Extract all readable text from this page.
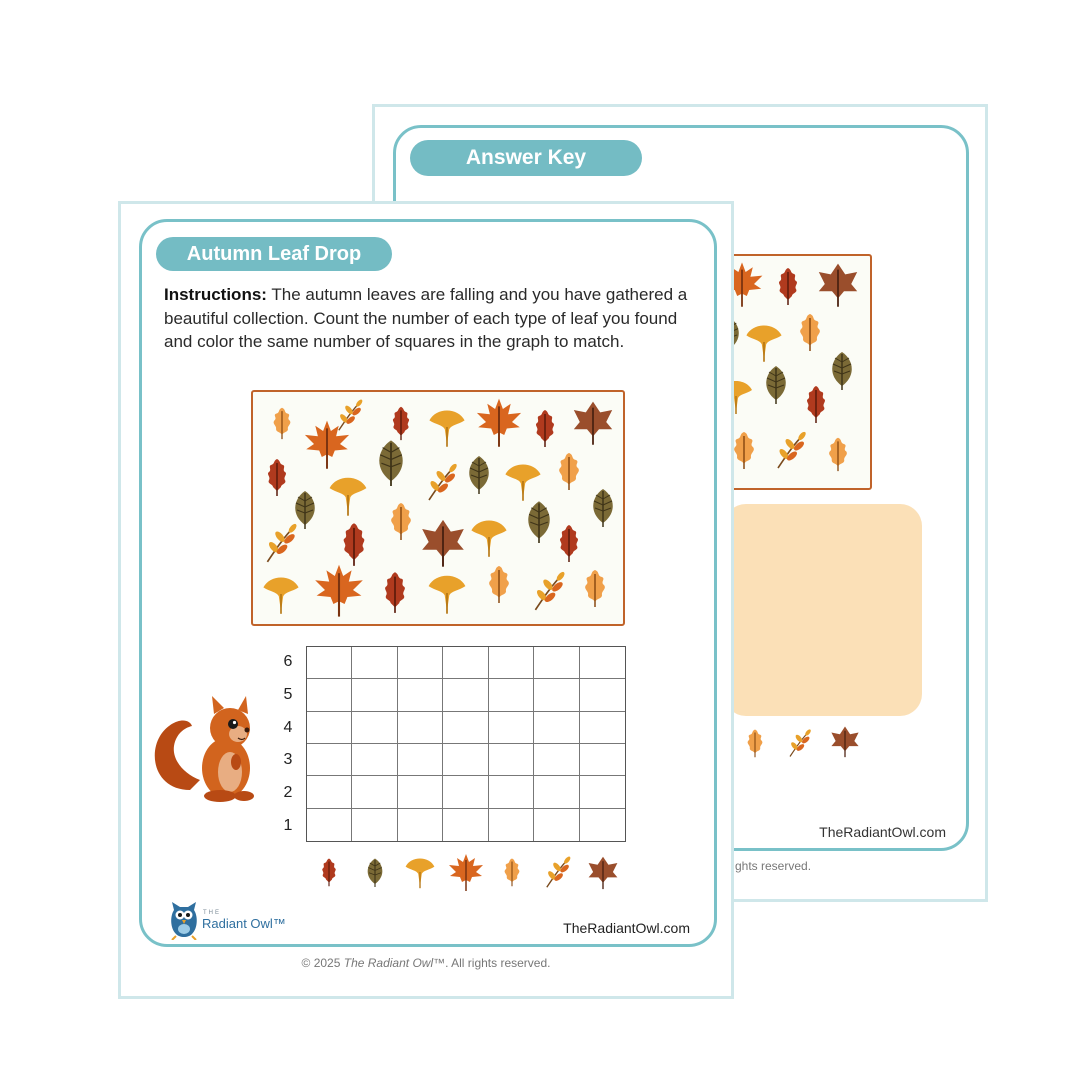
Answer Key
TheRadiantOwl.com
ghts reserved.
Autumn Leaf Drop
Instructions: The autumn leaves are falling and you have gathered a beautiful collection. Count the number of each type of leaf you found and color the same number of squares in the graph to match.
6
5
4
3
2
1
THE
Radiant Owl™	TheRadiantOwl.com
© 2025 The Radiant Owl™. All rights reserved.
